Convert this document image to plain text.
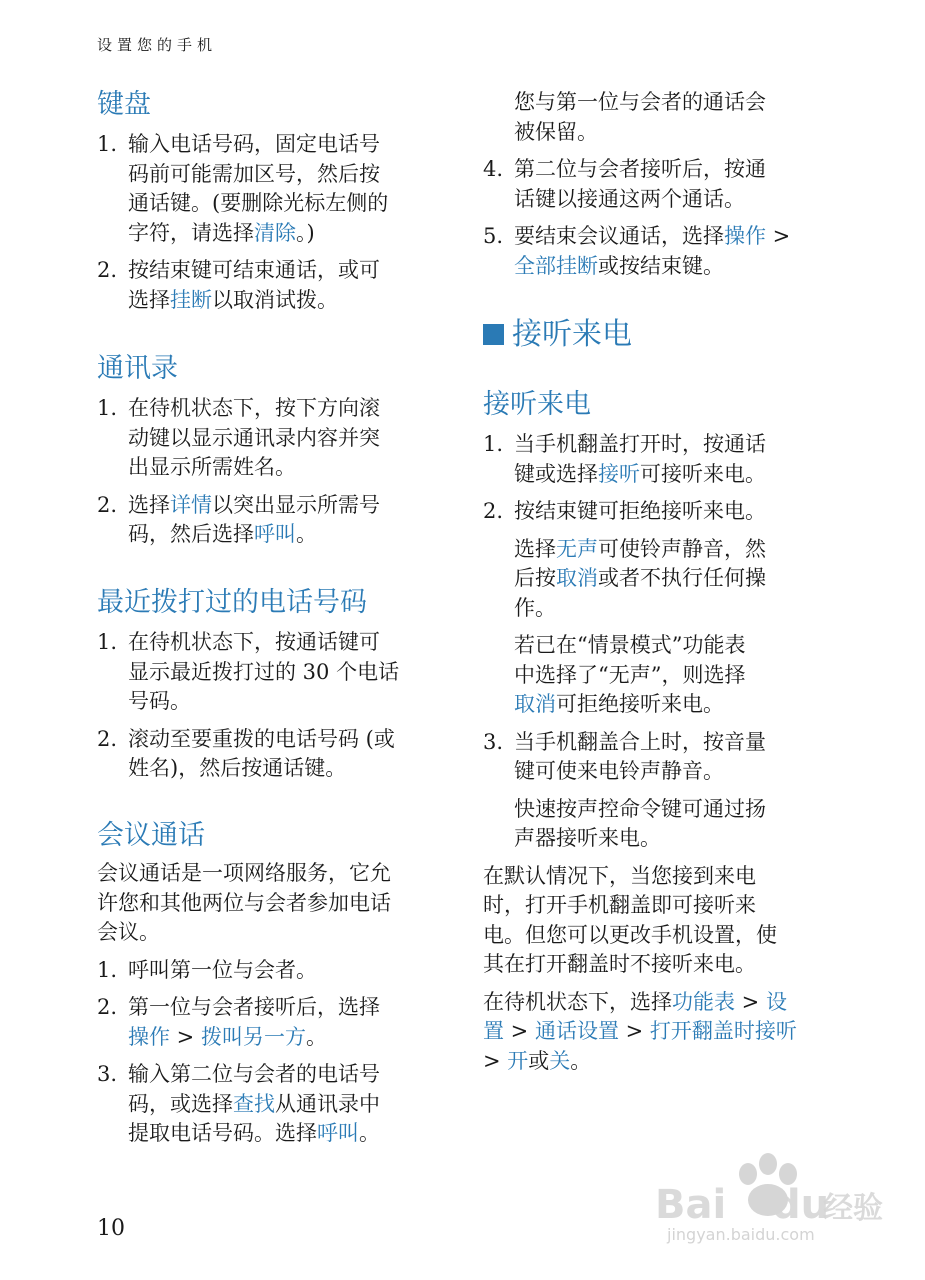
设置您的手机
键盘
1. 输入电话号码，固定电话号
码前可能需加区号，然后按
通话键。(要删除光标左侧的
字符，请选择清除。)
2. 按结束键可结束通话，或可
选择挂断以取消试拨。
通讯录
1. 在待机状态下，按下方向滚
动键以显示通讯录内容并突
出显示所需姓名。
2. 选择详情以突出显示所需号
码，然后选择呼叫。
最近拨打过的电话号码
1. 在待机状态下，按通话键可
显示最近拨打过的 30 个电话
号码。
2. 滚动至要重拨的电话号码 (或
姓名)，然后按通话键。
会议通话
会议通话是一项网络服务，它允
许您和其他两位与会者参加电话
会议。
1. 呼叫第一位与会者。
2. 第一位与会者接听后，选择
操作 > 拨叫另一方。
3. 输入第二位与会者的电话号
码，或选择查找从通讯录中
提取电话号码。选择呼叫。
您与第一位与会者的通话会
被保留。
4. 第二位与会者接听后，按通
话键以接通这两个通话。
5. 要结束会议通话，选择操作 >
全部挂断或按结束键。
接听来电
接听来电
1. 当手机翻盖打开时，按通话
键或选择接听可接听来电。
2. 按结束键可拒绝接听来电。
选择无声可使铃声静音，然
后按取消或者不执行任何操
作。
若已在“情景模式”功能表
中选择了“无声”，则选择
取消可拒绝接听来电。
3. 当手机翻盖合上时，按音量
键可使来电铃声静音。
快速按声控命令键可通过扬
声器接听来电。
在默认情况下，当您接到来电
时，打开手机翻盖即可接听来
电。但您可以更改手机设置，使
其在打开翻盖时不接听来电。
在待机状态下，选择功能表 > 设
置 > 通话设置 > 打开翻盖时接听
> 开或关。
10
Bai du
经验
jingyan.baidu.com
